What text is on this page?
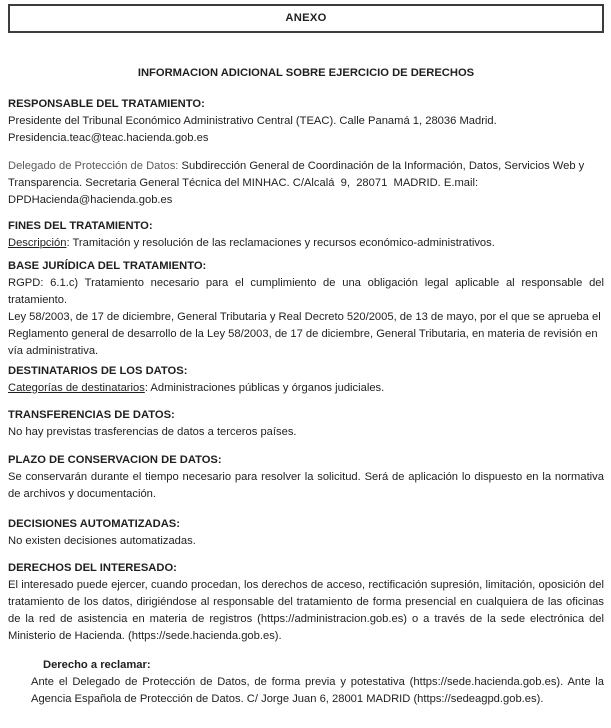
ANEXO
INFORMACION ADICIONAL SOBRE EJERCICIO DE DERECHOS
RESPONSABLE DEL TRATAMIENTO:
Presidente del Tribunal Económico Administrativo Central (TEAC). Calle Panamá 1, 28036 Madrid.
Presidencia.teac@teac.hacienda.gob.es
Delegado de Protección de Datos: Subdirección General de Coordinación de la Información, Datos, Servicios Web y Transparencia. Secretaria General Técnica del MINHAC. C/Alcalá  9,  28071  MADRID. E.mail:
DPDHacienda@hacienda.gob.es
FINES DEL TRATAMIENTO:
Descripción: Tramitación y resolución de las reclamaciones y recursos económico-administrativos.
BASE JURÍDICA DEL TRATAMIENTO:
RGPD: 6.1.c) Tratamiento necesario para el cumplimiento de una obligación legal aplicable al responsable del tratamiento.
Ley 58/2003, de 17 de diciembre, General Tributaria y Real Decreto 520/2005, de 13 de mayo, por el que se aprueba el Reglamento general de desarrollo de la Ley 58/2003, de 17 de diciembre, General Tributaria, en materia de revisión en vía administrativa.
DESTINATARIOS DE LOS DATOS:
Categorías de destinatarios: Administraciones públicas y órganos judiciales.
TRANSFERENCIAS DE DATOS:
No hay previstas trasferencias de datos a terceros países.
PLAZO DE CONSERVACION DE DATOS:
Se conservarán durante el tiempo necesario para resolver la solicitud. Será de aplicación lo dispuesto en la normativa de archivos y documentación.
DECISIONES AUTOMATIZADAS:
No existen decisiones automatizadas.
DERECHOS DEL INTERESADO:
El interesado puede ejercer, cuando procedan, los derechos de acceso, rectificación supresión, limitación, oposición del tratamiento de los datos, dirigiéndose al responsable del tratamiento de forma presencial en cualquiera de las oficinas de la red de asistencia en materia de registros (https://administracion.gob.es) o a través de la sede electrónica del Ministerio de Hacienda. (https://sede.hacienda.gob.es).
Derecho a reclamar:
Ante el Delegado de Protección de Datos, de forma previa y potestativa (https://sede.hacienda.gob.es). Ante la Agencia Española de Protección de Datos. C/ Jorge Juan 6, 28001 MADRID (https://sedeagpd.gob.es).
